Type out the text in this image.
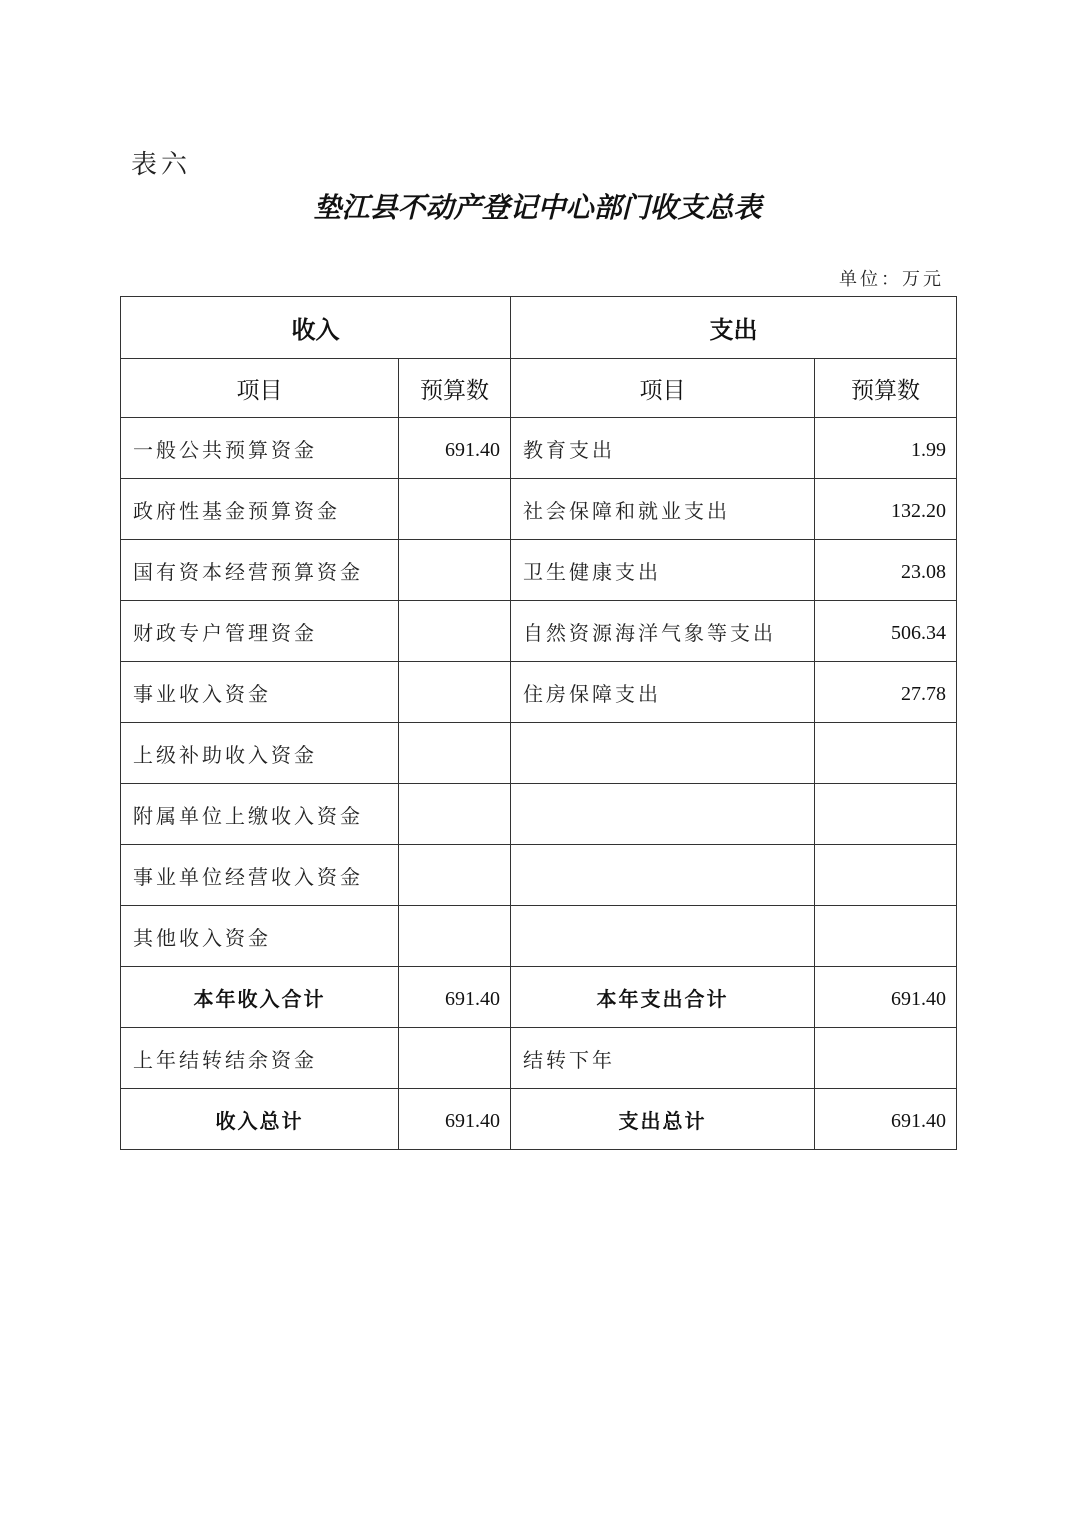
表六
垫江县不动产登记中心部门收支总表
单位：万元
收入		支出	
项目	预算数	项目	预算数
一般公共预算资金	691.40	教育支出	1.99
政府性基金预算资金		社会保障和就业支出	132.20
国有资本经营预算资金		卫生健康支出	23.08
财政专户管理资金		自然资源海洋气象等支出	506.34
事业收入资金		住房保障支出	27.78
上级补助收入资金			
附属单位上缴收入资金			
事业单位经营收入资金			
其他收入资金			
本年收入合计	691.40	本年支出合计	691.40
上年结转结余资金		结转下年	
收入总计	691.40	支出总计	691.40
